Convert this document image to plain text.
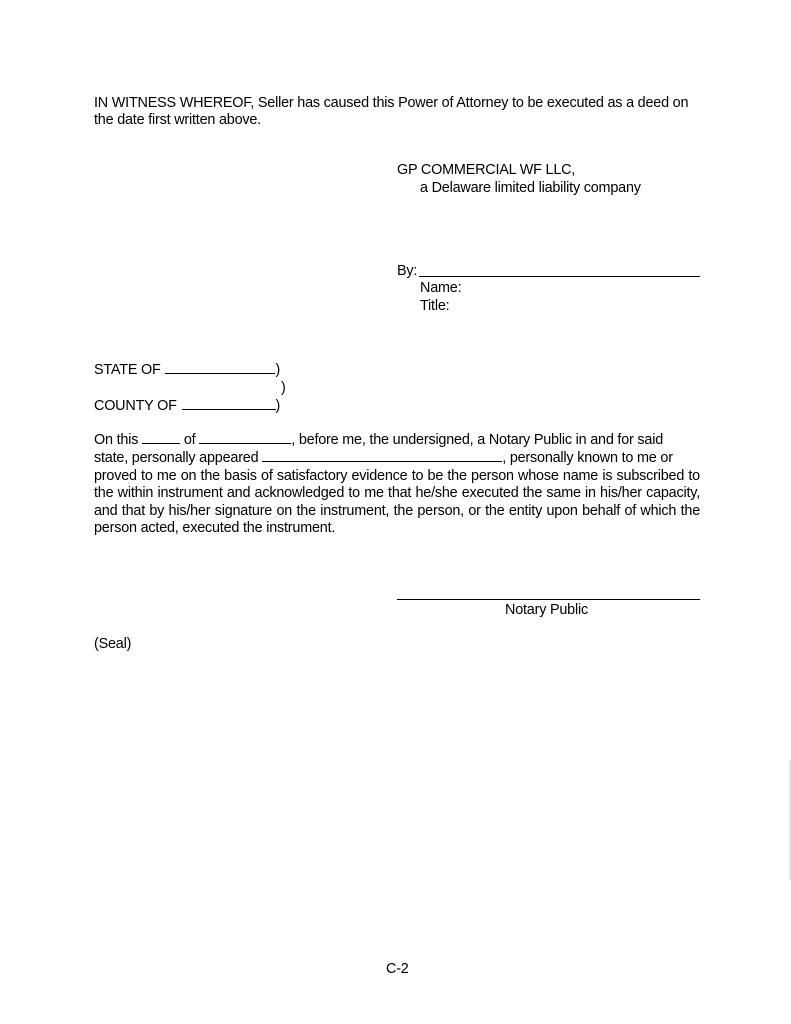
IN WITNESS WHEREOF, Seller has caused this Power of Attorney to be executed as a deed on the date first written above.
GP COMMERCIAL WF LLC,
a Delaware limited liability company
By:
Name:
Title:
STATE OF	)
)
COUNTY OF	)

On this	of	, before me, the undersigned, a Notary Public in and for said

state, personally appeared	, personally known to me or

proved to me on the basis of satisfactory evidence to be the person whose name is subscribed to the within instrument and acknowledged to me that he/she executed the same in his/her capacity, and that by his/her signature on the instrument, the person, or the entity upon behalf of which the person acted, executed the instrument.

Notary Public
(Seal)
C-2
